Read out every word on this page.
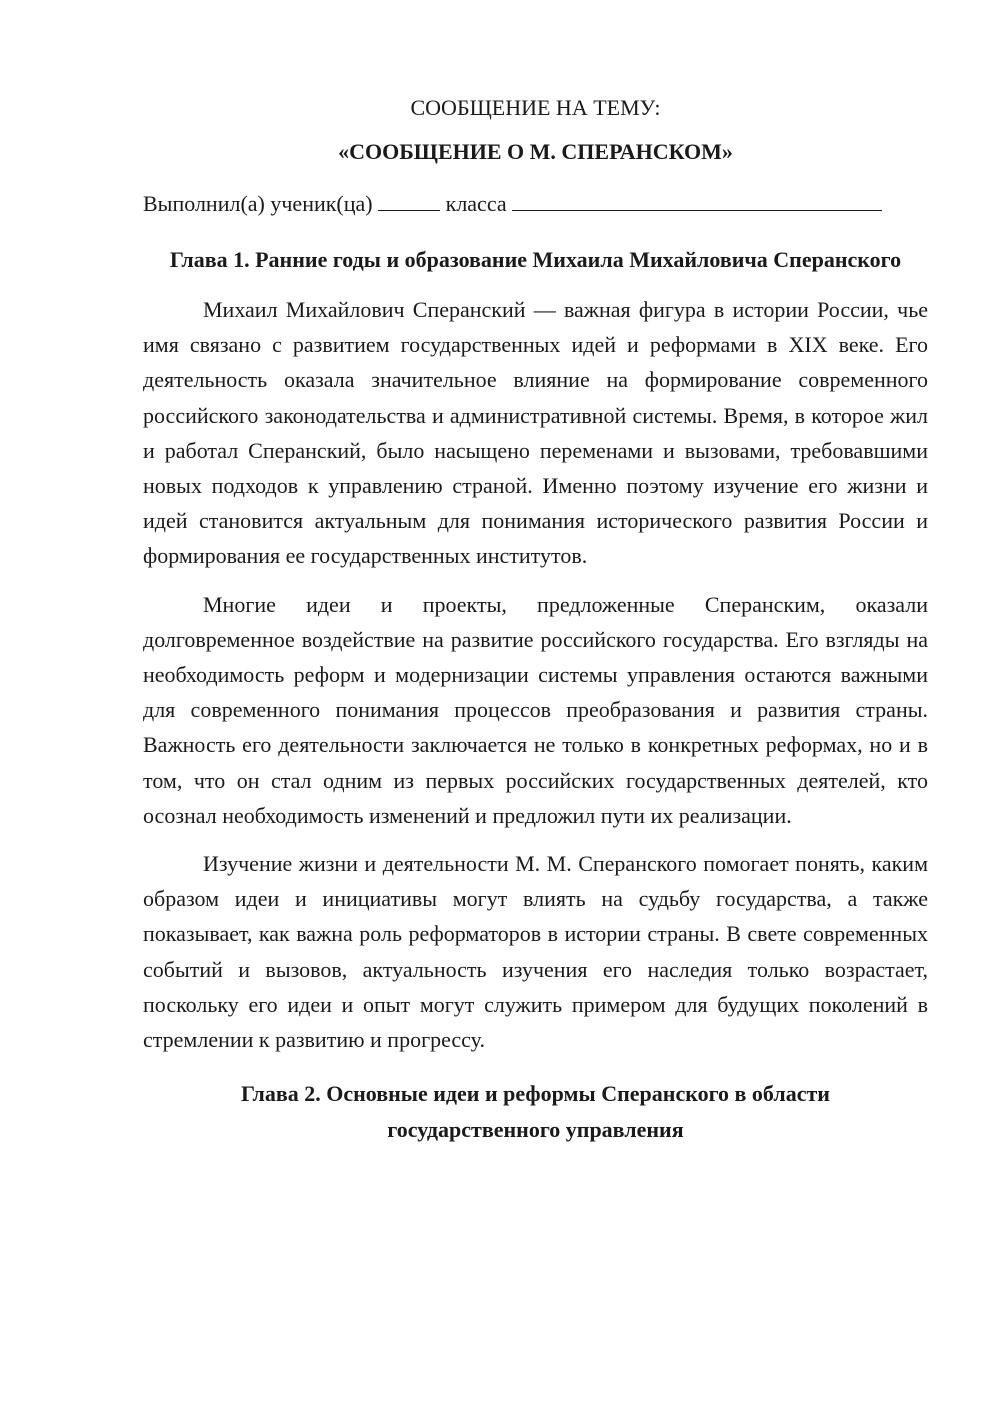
СООБЩЕНИЕ НА ТЕМУ:

«СООБЩЕНИЕ О М. СПЕРАНСКОМ»

Выполнил(а) ученик(ца)	класса

Глава 1. Ранние годы и образование Михаила Михайловича Сперанского

Михаил Михайлович Сперанский — важная фигура в истории России, чье имя связано с развитием государственных идей и реформами в XIX веке. Его деятельность оказала значительное влияние на формирование современного российского законодательства и административной системы. Время, в которое жил и работал Сперанский, было насыщено переменами и вызовами, требовавшими новых подходов к управлению страной. Именно поэтому изучение его жизни и идей становится актуальным для понимания исторического развития России и формирования ее государственных институтов.

Многие идеи и проекты, предложенные Сперанским, оказали долговременное воздействие на развитие российского государства. Его взгляды на необходимость реформ и модернизации системы управления остаются важными для современного понимания процессов преобразования и развития страны. Важность его деятельности заключается не только в конкретных реформах, но и в том, что он стал одним из первых российских государственных деятелей, кто осознал необходимость изменений и предложил пути их реализации.

Изучение жизни и деятельности М. М. Сперанского помогает понять, каким образом идеи и инициативы могут влиять на судьбу государства, а также показывает, как важна роль реформаторов в истории страны. В свете современных событий и вызовов, актуальность изучения его наследия только возрастает, поскольку его идеи и опыт могут служить примером для будущих поколений в стремлении к развитию и прогрессу.

Глава 2. Основные идеи и реформы Сперанского в области
государственного управления
